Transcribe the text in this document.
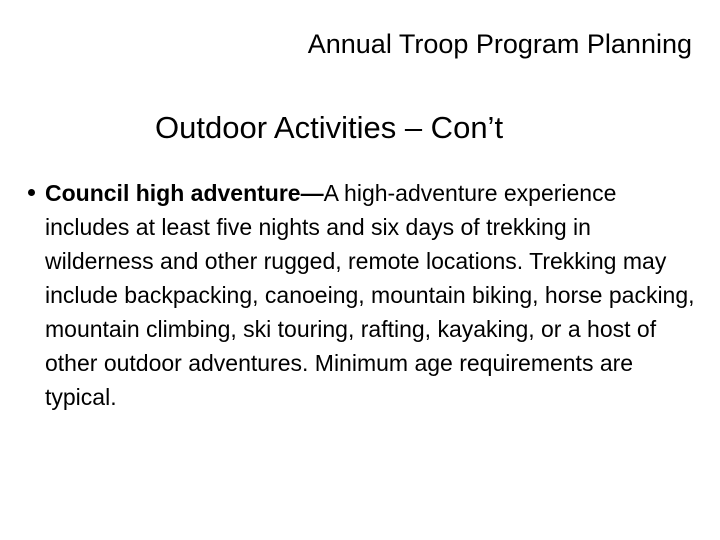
Annual Troop Program Planning
Outdoor Activities – Con’t
Council high adventure—A high-adventure experience includes at least five nights and six days of trekking in wilderness and other rugged, remote locations. Trekking may include backpacking, canoeing, mountain biking, horse packing, mountain climbing, ski touring, rafting, kayaking, or a host of other outdoor adventures. Minimum age requirements are typical.
